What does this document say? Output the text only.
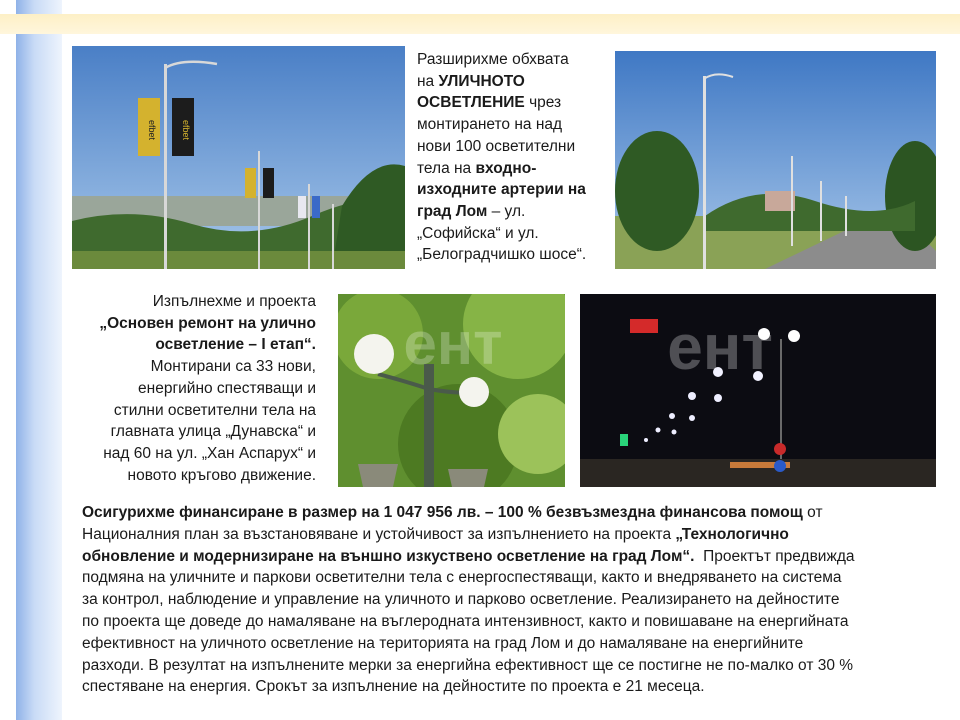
efbet	efbet
Разширихме обхвата
на УЛИЧНОТО
ОСВЕТЛЕНИЕ чрез
монтирането на над
нови 100 осветителни
тела на входно-
изходните артерии на
град Лом – ул.
„Софийска“ и ул.
„Белоградчишко шосе“.
Изпълнехме и проекта
„Основен ремонт на улично
осветление – I етап“.
Монтирани са 33 нови,
енергийно спестяващи и
стилни осветителни тела на
главната улица „Дунавска“ и
над 60 на ул. „Хан Аспарух“ и
новото кръгово движение.
ент	ент
Осигурихме финансиране в размер на 1 047 956 лв. – 100 % безвъзмездна финансова помощ от
Националния план за възстановяване и устойчивост за изпълнението на проекта „Технологично
обновление и модернизиране на външно изкуствено осветление на град Лом“.  Проектът предвижда
подмяна на уличните и паркови осветителни тела с енергоспестяващи, както и внедряването на система
за контрол, наблюдение и управление на уличното и парково осветление. Реализирането на дейностите
по проекта ще доведе до намаляване на въглеродната интензивност, както и повишаване на енергийната
ефективност на уличното осветление на територията на град Лом и до намаляване на енергийните
разходи. В резултат на изпълнените мерки за енергийна ефективност ще се постигне не по-малко от 30 %
спестяване на енергия. Срокът за изпълнение на дейностите по проекта е 21 месеца.
